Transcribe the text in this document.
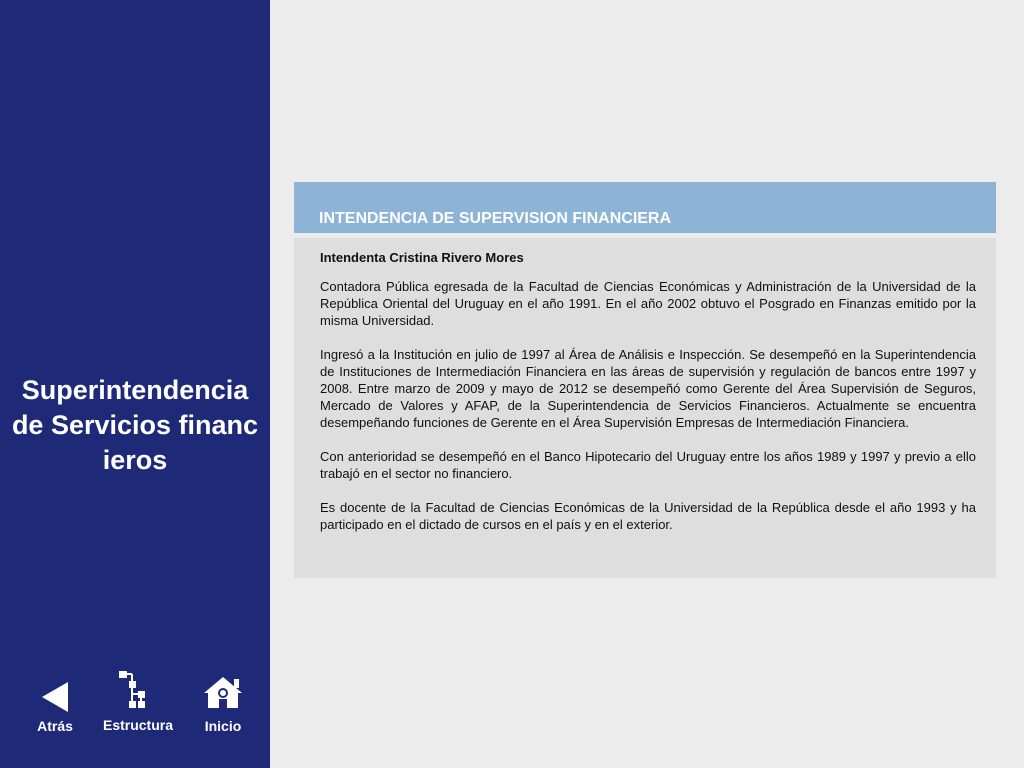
Superintendencia de Servicios financieros
Atrás	Estructura	Inicio
INTENDENCIA DE SUPERVISION FINANCIERA
Intendenta Cristina Rivero Mores

Contadora Pública egresada de la Facultad de Ciencias Económicas y Administración de la Universidad de la República Oriental del Uruguay en el año 1991. En el año 2002 obtuvo el Posgrado en Finanzas emitido por la misma Universidad.

Ingresó a la Institución en julio de 1997 al Área de Análisis e Inspección. Se desempeñó en la Superintendencia de Instituciones de Intermediación Financiera en las áreas de supervisión y regulación de bancos entre 1997 y 2008. Entre marzo de 2009 y mayo de 2012 se desempeñó como Gerente del Área Supervisión de Seguros, Mercado de Valores y AFAP, de la Superintendencia de Servicios Financieros. Actualmente se encuentra desempeñando funciones de Gerente en el Área Supervisión Empresas de Intermediación Financiera.

Con anterioridad se desempeñó en el Banco Hipotecario del Uruguay entre los años 1989 y 1997 y previo a ello trabajó en el sector no financiero.

Es docente de la Facultad de Ciencias Económicas de la Universidad de la República desde el año 1993 y ha participado en el dictado de cursos en el país y en el exterior.
